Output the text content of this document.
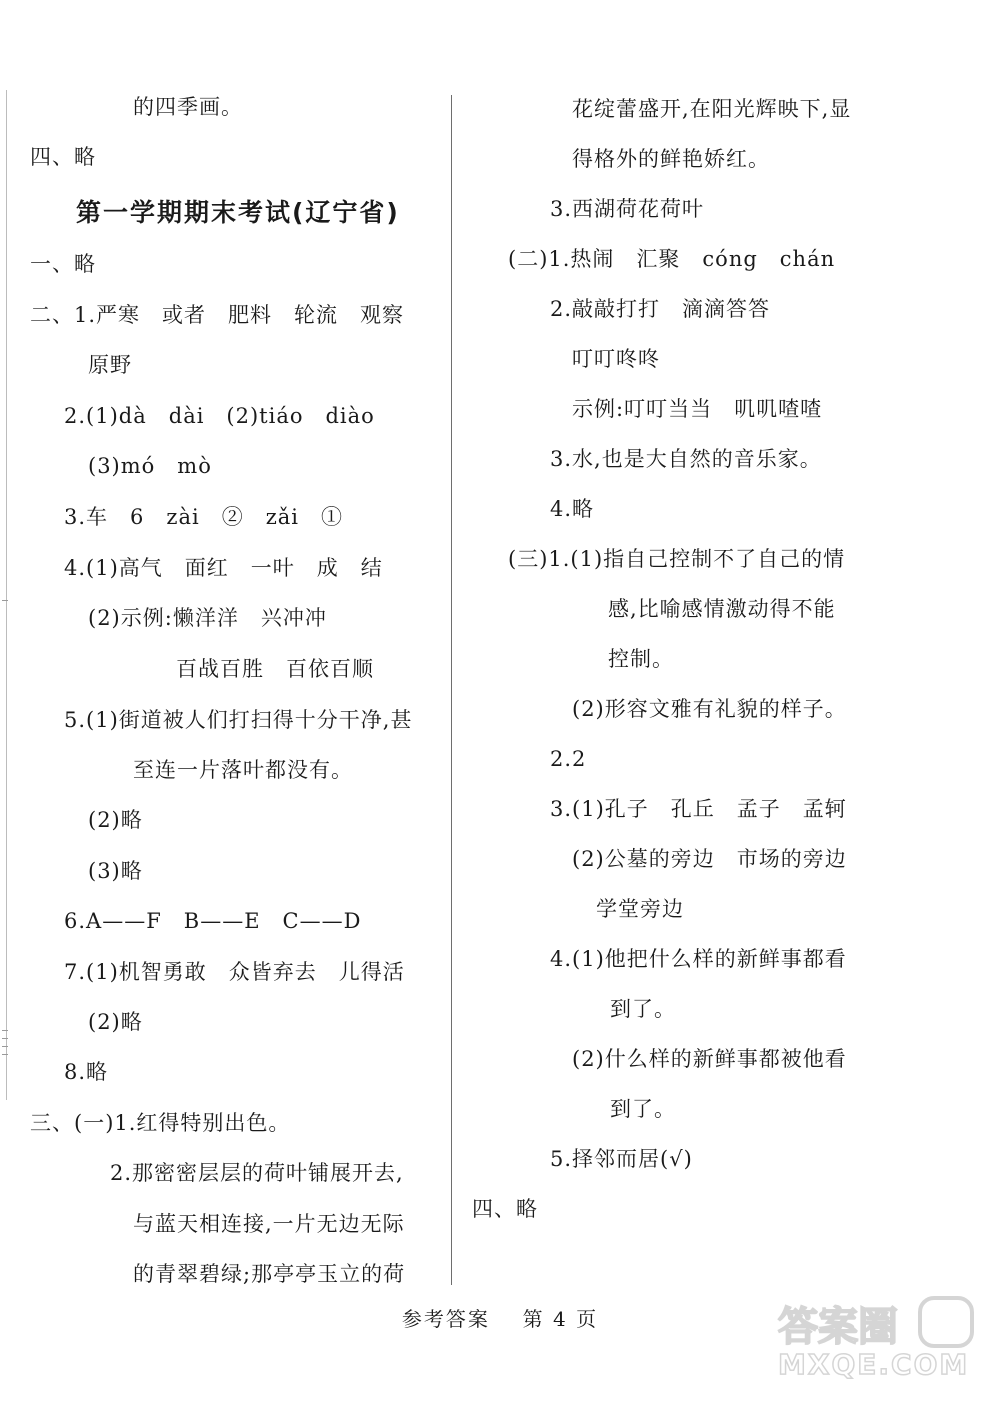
的四季画。
四、略
第一学期期末考试(辽宁省)
一、略
二、1.严寒　或者　肥料　轮流　观察
原野
2.(1)dà　dài　(2)tiáo　diào
(3)mó　mò
3.车　6　zài　②　zǎi　①
4.(1)高气　面红　一叶　成　结
(2)示例:懒洋洋　兴冲冲
百战百胜　百依百顺
5.(1)街道被人们打扫得十分干净,甚
至连一片落叶都没有。
(2)略
(3)略
6.A——F　B——E　C——D
7.(1)机智勇敢　众皆弃去　儿得活
(2)略
8.略
三、(一)1.红得特别出色。
2.那密密层层的荷叶铺展开去,
与蓝天相连接,一片无边无际
的青翠碧绿;那亭亭玉立的荷
花绽蕾盛开,在阳光辉映下,显
得格外的鲜艳娇红。
3.西湖荷花荷叶
(二)1.热闹　汇聚　cóng　chán
2.敲敲打打　滴滴答答
叮叮咚咚
示例:叮叮当当　叽叽喳喳
3.水,也是大自然的音乐家。
4.略
(三)1.(1)指自己控制不了自己的情
感,比喻感情激动得不能
控制。
(2)形容文雅有礼貌的样子。
2.2
3.(1)孔子　孔丘　孟子　孟轲
(2)公墓的旁边　市场的旁边
学堂旁边
4.(1)他把什么样的新鲜事都看
到了。
(2)什么样的新鲜事都被他看
到了。
5.择邻而居(√)
四、略
参考答案 第 4 页	答案圈
MXQE.COM
